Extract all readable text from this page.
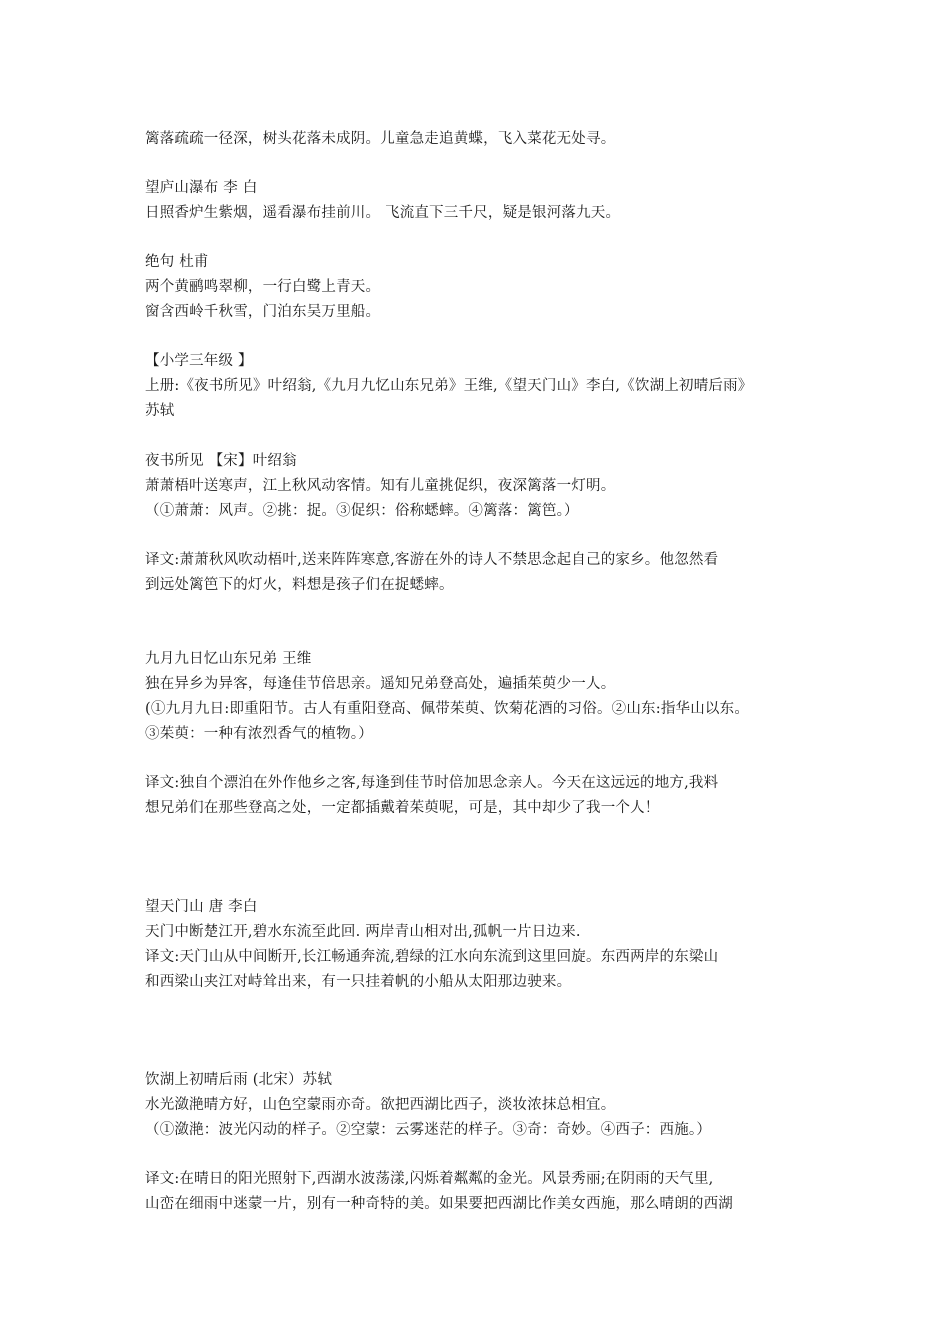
篱落疏疏一径深，树头花落未成阴。儿童急走追黄蝶，飞入菜花无处寻。
望庐山瀑布 李 白
日照香炉生紫烟，遥看瀑布挂前川。 飞流直下三千尺，疑是银河落九天。
绝句 杜甫
两个黄鹂鸣翠柳，一行白鹭上青天。
窗含西岭千秋雪，门泊东吴万里船。
【小学三年级 】
上册:《夜书所见》叶绍翁,《九月九忆山东兄弟》王维,《望天门山》李白,《饮湖上初晴后雨》
苏轼
夜书所见 【宋】叶绍翁
萧萧梧叶送寒声，江上秋风动客情。知有儿童挑促织，夜深篱落一灯明。
（①萧萧：风声。②挑：捉。③促织：俗称蟋蟀。④篱落：篱笆。）
译文:萧萧秋风吹动梧叶,送来阵阵寒意,客游在外的诗人不禁思念起自己的家乡。他忽然看
到远处篱笆下的灯火，料想是孩子们在捉蟋蟀。
九月九日忆山东兄弟 王维
独在异乡为异客，每逢佳节倍思亲。遥知兄弟登高处，遍插茱萸少一人。
(①九月九日:即重阳节。古人有重阳登高、佩带茱萸、饮菊花酒的习俗。②山东:指华山以东。
③茱萸：一种有浓烈香气的植物。）
译文:独自个漂泊在外作他乡之客,每逢到佳节时倍加思念亲人。今天在这远远的地方,我料
想兄弟们在那些登高之处，一定都插戴着茱萸呢，可是，其中却少了我一个人！
望天门山 唐 李白
天门中断楚江开,碧水东流至此回. 两岸青山相对出,孤帆一片日边来.
译文:天门山从中间断开,长江畅通奔流,碧绿的江水向东流到这里回旋。东西两岸的东梁山
和西梁山夹江对峙耸出来，有一只挂着帆的小船从太阳那边驶来。
饮湖上初晴后雨 (北宋）苏轼
水光潋滟晴方好，山色空蒙雨亦奇。欲把西湖比西子，淡妆浓抹总相宜。
（①潋滟：波光闪动的样子。②空蒙：云雾迷茫的样子。③奇：奇妙。④西子：西施。）
译文:在晴日的阳光照射下,西湖水波荡漾,闪烁着粼粼的金光。风景秀丽;在阴雨的天气里,
山峦在细雨中迷蒙一片，别有一种奇特的美。如果要把西湖比作美女西施，那么晴朗的西湖
